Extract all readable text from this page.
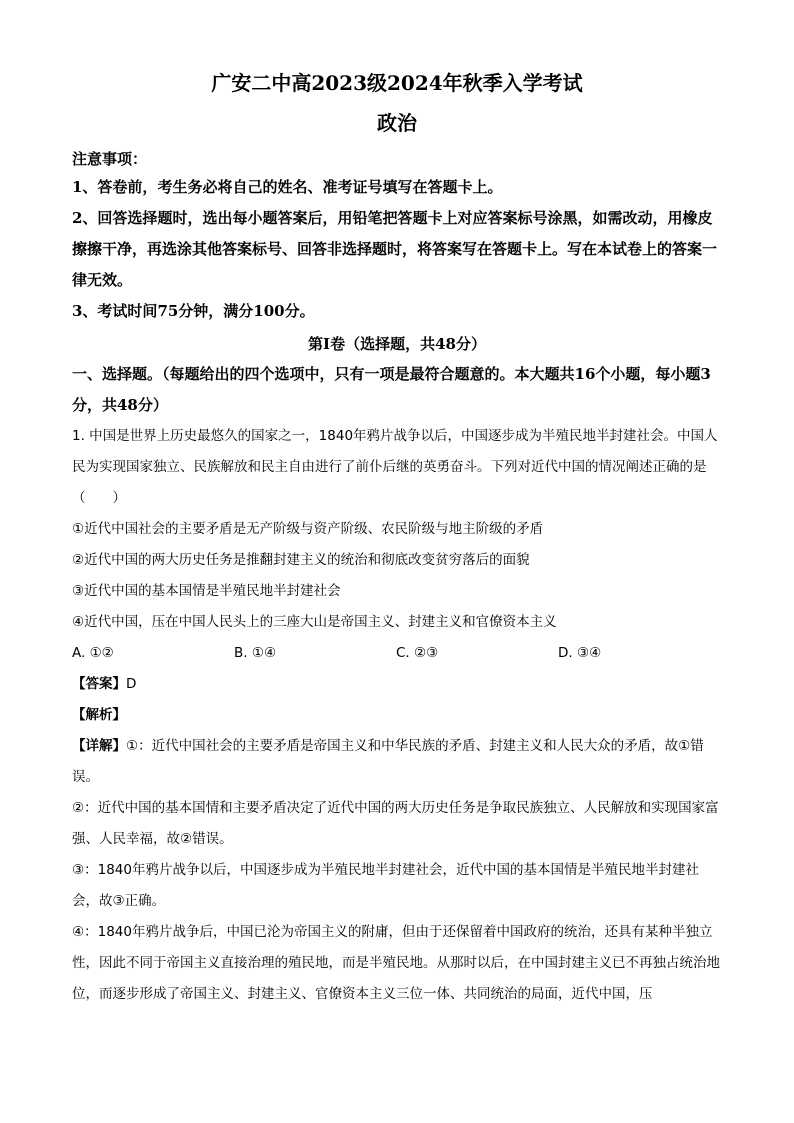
广安二中高2023级2024年秋季入学考试
政治
注意事项：
1、答卷前，考生务必将自己的姓名、准考证号填写在答题卡上。
2、回答选择题时，选出每小题答案后，用铅笔把答题卡上对应答案标号涂黑，如需改动，用橡皮擦擦干净，再选涂其他答案标号、回答非选择题时，将答案写在答题卡上。写在本试卷上的答案一律无效。
3、考试时间75分钟，满分100分。
第Ⅰ卷（选择题，共48分）
一、选择题。（每题给出的四个选项中，只有一项是最符合题意的。本大题共16个小题，每小题3分，共48分）
1. 中国是世界上历史最悠久的国家之一，1840年鸦片战争以后，中国逐步成为半殖民地半封建社会。中国人民为实现国家独立、民族解放和民主自由进行了前仆后继的英勇奋斗。下列对近代中国的情况阐述正确的是（　　）
①近代中国社会的主要矛盾是无产阶级与资产阶级、农民阶级与地主阶级的矛盾
②近代中国的两大历史任务是推翻封建主义的统治和彻底改变贫穷落后的面貌
③近代中国的基本国情是半殖民地半封建社会
④近代中国，压在中国人民头上的三座大山是帝国主义、封建主义和官僚资本主义
A. ①②	B. ①④	C. ②③	D. ③④
【答案】D
【解析】
【详解】①：近代中国社会的主要矛盾是帝国主义和中华民族的矛盾、封建主义和人民大众的矛盾，故①错误。
②：近代中国的基本国情和主要矛盾决定了近代中国的两大历史任务是争取民族独立、人民解放和实现国家富强、人民幸福，故②错误。
③：1840年鸦片战争以后，中国逐步成为半殖民地半封建社会，近代中国的基本国情是半殖民地半封建社会，故③正确。
④：1840年鸦片战争后，中国已沦为帝国主义的附庸，但由于还保留着中国政府的统治，还具有某种半独立性，因此不同于帝国主义直接治理的殖民地，而是半殖民地。从那时以后，在中国封建主义已不再独占统治地位，而逐步形成了帝国主义、封建主义、官僚资本主义三位一体、共同统治的局面，近代中国，压
